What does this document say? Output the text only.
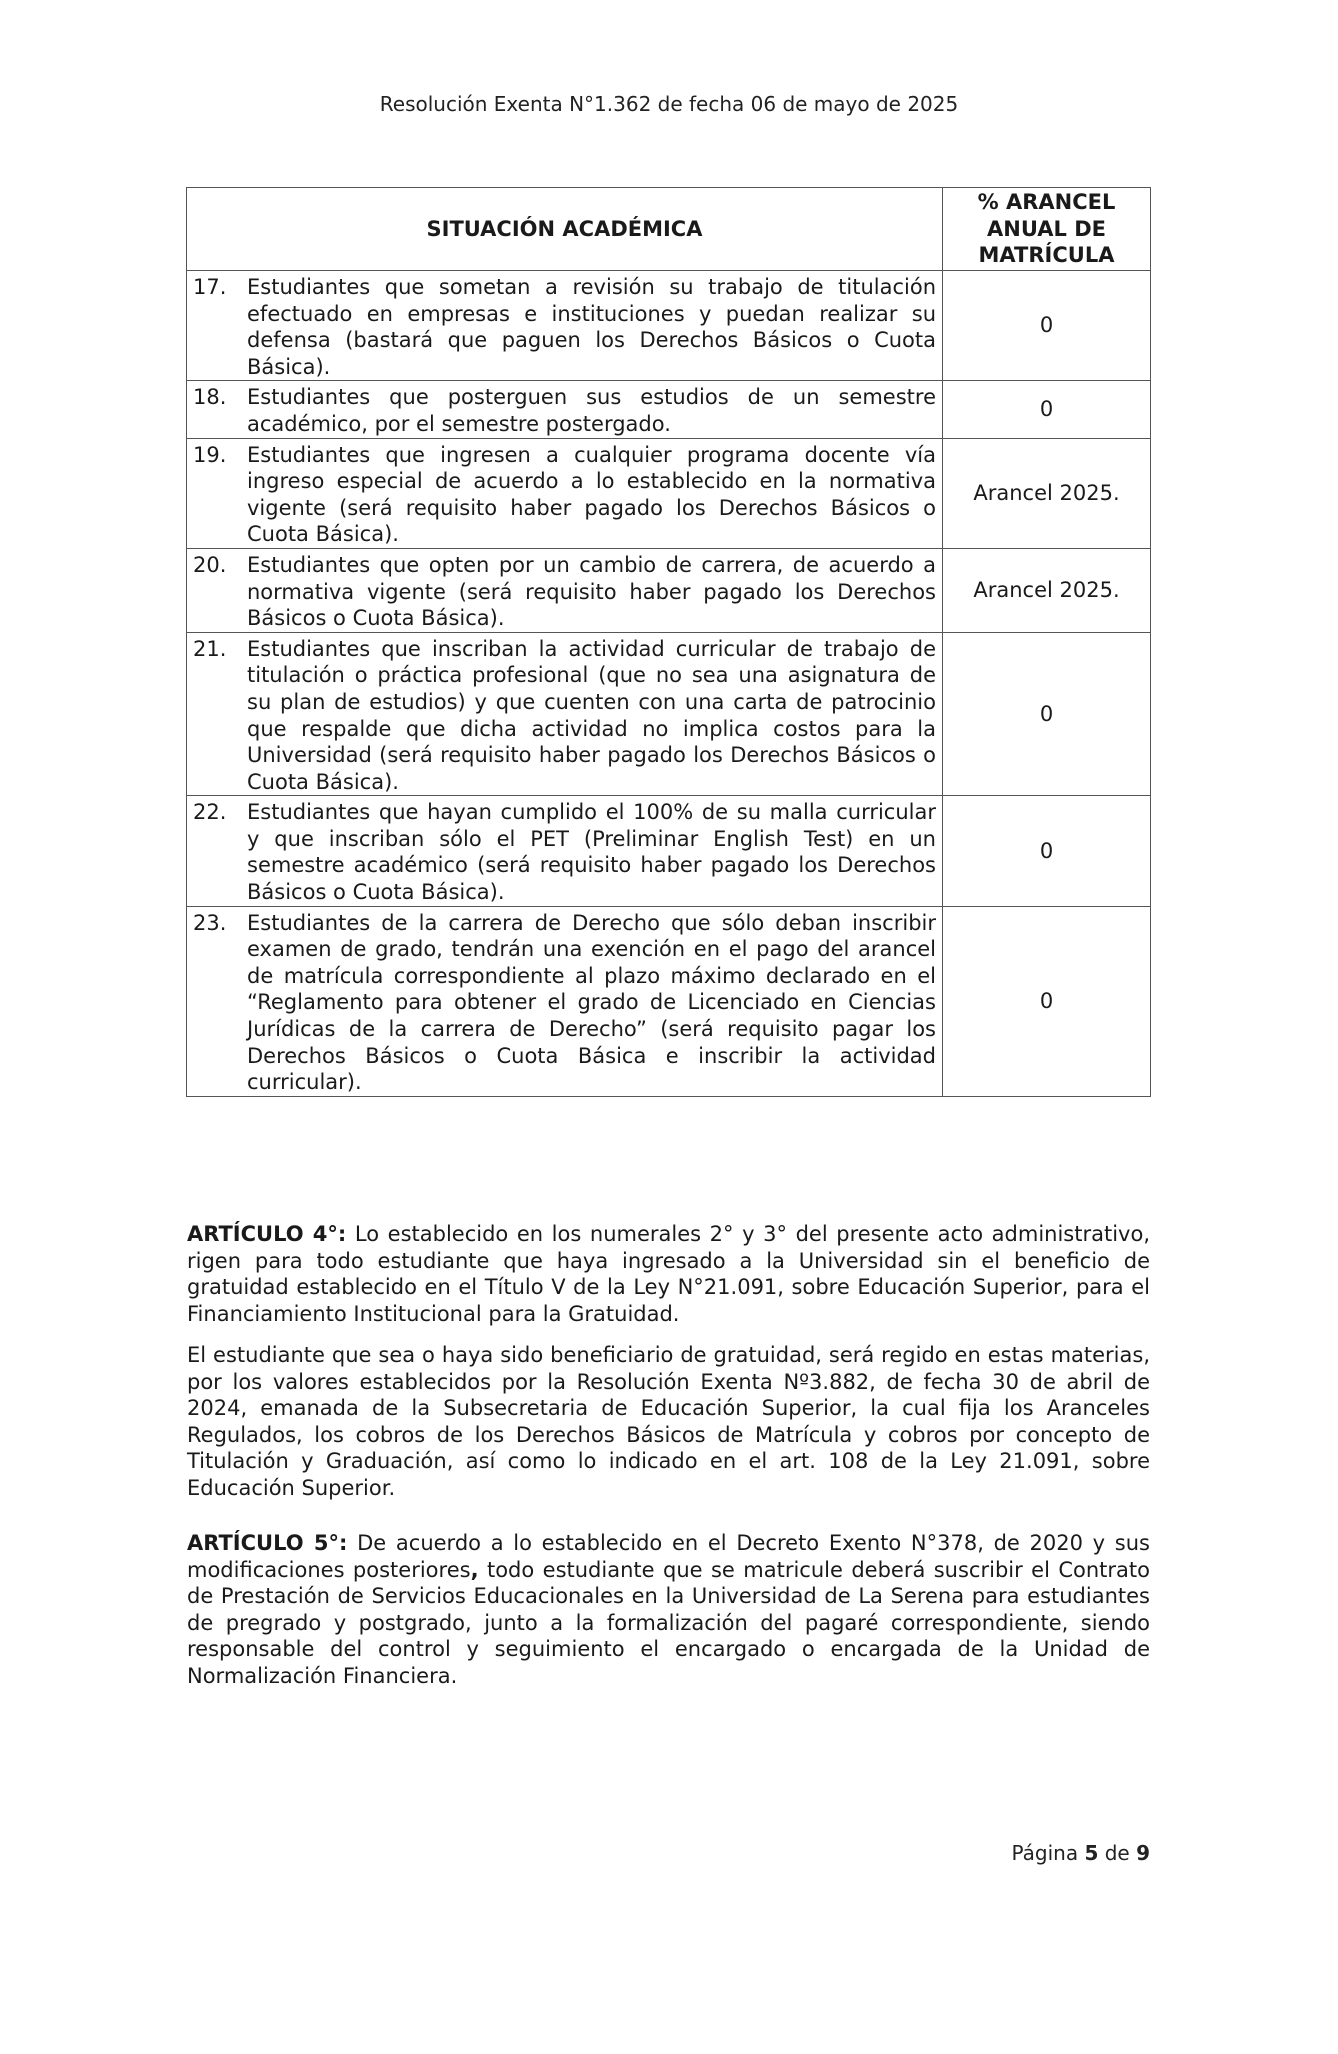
Resolución Exenta N°1.362 de fecha 06 de mayo de 2025
SITUACIÓN ACADÉMICA	% ARANCEL
ANUAL DE
MATRÍCULA

17. Estudiantes que sometan a revisión su trabajo de titulación efectuado en empresas e instituciones y puedan realizar su defensa (bastará que paguen los Derechos Básicos o Cuota Básica).	0

18. Estudiantes que posterguen sus estudios de un semestre académico, por el semestre postergado.	0

19. Estudiantes que ingresen a cualquier programa docente vía ingreso especial de acuerdo a lo establecido en la normativa vigente (será requisito haber pagado los Derechos Básicos o Cuota Básica).	Arancel 2025.

20. Estudiantes que opten por un cambio de carrera, de acuerdo a normativa vigente (será requisito haber pagado los Derechos Básicos o Cuota Básica).	Arancel 2025.

21. Estudiantes que inscriban la actividad curricular de trabajo de titulación o práctica profesional (que no sea una asignatura de su plan de estudios) y que cuenten con una carta de patrocinio que respalde que dicha actividad no implica costos para la Universidad (será requisito haber pagado los Derechos Básicos o Cuota Básica).	0

22. Estudiantes que hayan cumplido el 100% de su malla curricular y que inscriban sólo el PET (Preliminar English Test) en un semestre académico (será requisito haber pagado los Derechos Básicos o Cuota Básica).	0

23. Estudiantes de la carrera de Derecho que sólo deban inscribir examen de grado, tendrán una exención en el pago del arancel de matrícula correspondiente al plazo máximo declarado en el “Reglamento para obtener el grado de Licenciado en Ciencias Jurídicas de la carrera de Derecho” (será requisito pagar los Derechos Básicos o Cuota Básica e inscribir la actividad curricular).	0

ARTÍCULO 4°: Lo establecido en los numerales 2° y 3° del presente acto administrativo, rigen para todo estudiante que haya ingresado a la Universidad sin el beneficio de gratuidad establecido en el Título V de la Ley N°21.091, sobre Educación Superior, para el Financiamiento Institucional para la Gratuidad.

El estudiante que sea o haya sido beneficiario de gratuidad, será regido en estas materias, por los valores establecidos por la Resolución Exenta Nº3.882, de fecha 30 de abril de 2024, emanada de la Subsecretaria de Educación Superior, la cual fija los Aranceles Regulados, los cobros de los Derechos Básicos de Matrícula y cobros por concepto de Titulación y Graduación, así como lo indicado en el art. 108 de la Ley 21.091, sobre Educación Superior.

ARTÍCULO 5°: De acuerdo a lo establecido en el Decreto Exento N°378, de 2020 y sus modificaciones posteriores, todo estudiante que se matricule deberá suscribir el Contrato de Prestación de Servicios Educacionales en la Universidad de La Serena para estudiantes de pregrado y postgrado, junto a la formalización del pagaré correspondiente, siendo responsable del control y seguimiento el encargado o encargada de la Unidad de Normalización Financiera.

Página 5 de 9
